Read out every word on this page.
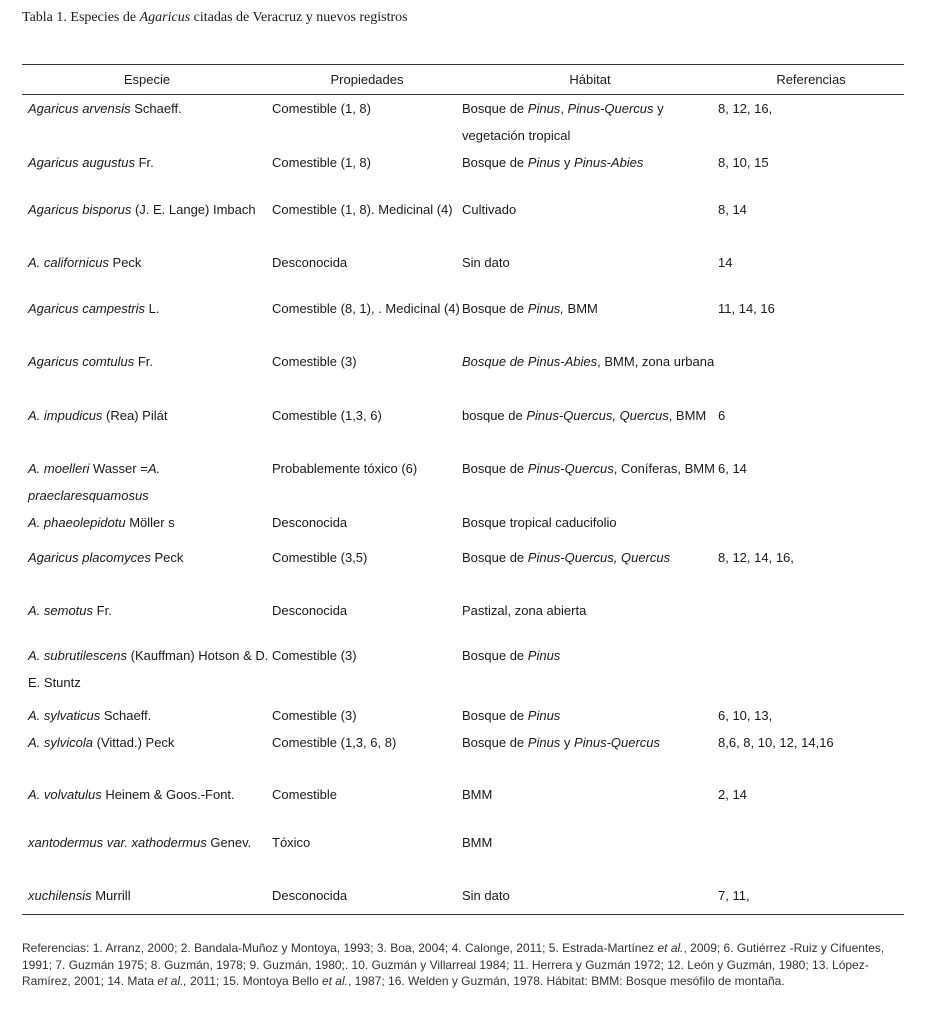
Tabla 1. Especies de Agaricus citadas de Veracruz y nuevos registros
Especie	Propiedades	Hábitat	Referencias
Agaricus arvensis Schaeff.	Comestible (1, 8)	Bosque de Pinus, Pinus-Quercus y vegetación tropical	8, 12, 16,
Agaricus augustus Fr.	Comestible (1, 8)	Bosque de Pinus y Pinus-Abies	8, 10, 15
Agaricus bisporus (J. E. Lange) Imbach	Comestible (1, 8). Medicinal (4)	Cultivado	8, 14
A. californicus Peck	Desconocida	Sin dato	14
Agaricus campestris L.	Comestible (8, 1), . Medicinal (4)	Bosque de Pinus, BMM	11, 14, 16
Agaricus comtulus Fr.	Comestible (3)	Bosque de Pinus-Abies, BMM, zona urbana	
A. impudicus (Rea) Pilát	Comestible (1,3, 6)	bosque de Pinus-Quercus, Quercus, BMM	6
A. moelleri Wasser =A. praeclaresquamosus	Probablemente tóxico (6)	Bosque de Pinus-Quercus, Coníferas, BMM	6, 14
A. phaeolepidotu Möller s	Desconocida	Bosque tropical caducifolio	
Agaricus placomyces Peck	Comestible (3,5)	Bosque de Pinus-Quercus, Quercus	8, 12, 14, 16,
A. semotus Fr.	Desconocida	Pastizal, zona abierta	
A. subrutilescens (Kauffman) Hotson & D. E. Stuntz	Comestible (3)	Bosque de Pinus	
A. sylvaticus Schaeff.	Comestible (3)	Bosque de Pinus	6, 10, 13,
A. sylvicola (Vittad.) Peck	Comestible (1,3, 6, 8)	Bosque de Pinus y Pinus-Quercus	8,6, 8, 10, 12, 14,16
A. volvatulus Heinem & Goos.-Font.	Comestible	BMM	2, 14
xantodermus var. xathodermus Genev.	Tóxico	BMM	
xuchilensis Murrill	Desconocida	Sin dato	7, 11,
Referencias: 1. Arranz, 2000; 2. Bandala-Muñoz y Montoya, 1993; 3. Boa, 2004; 4. Calonge, 2011; 5. Estrada-Martínez et al., 2009; 6. Gutiérrez -Ruiz y Cifuentes, 1991; 7. Guzmán 1975; 8. Guzmán, 1978; 9. Guzmán, 1980;. 10. Guzmán y Villarreal 1984; 11. Herrera y Guzmán 1972; 12. León y Guzmán, 1980; 13. López-Ramírez, 2001; 14. Mata et al., 2011; 15. Montoya Bello et al., 1987; 16. Welden y Guzmán, 1978. Hábitat: BMM: Bosque mesófilo de montaña.
